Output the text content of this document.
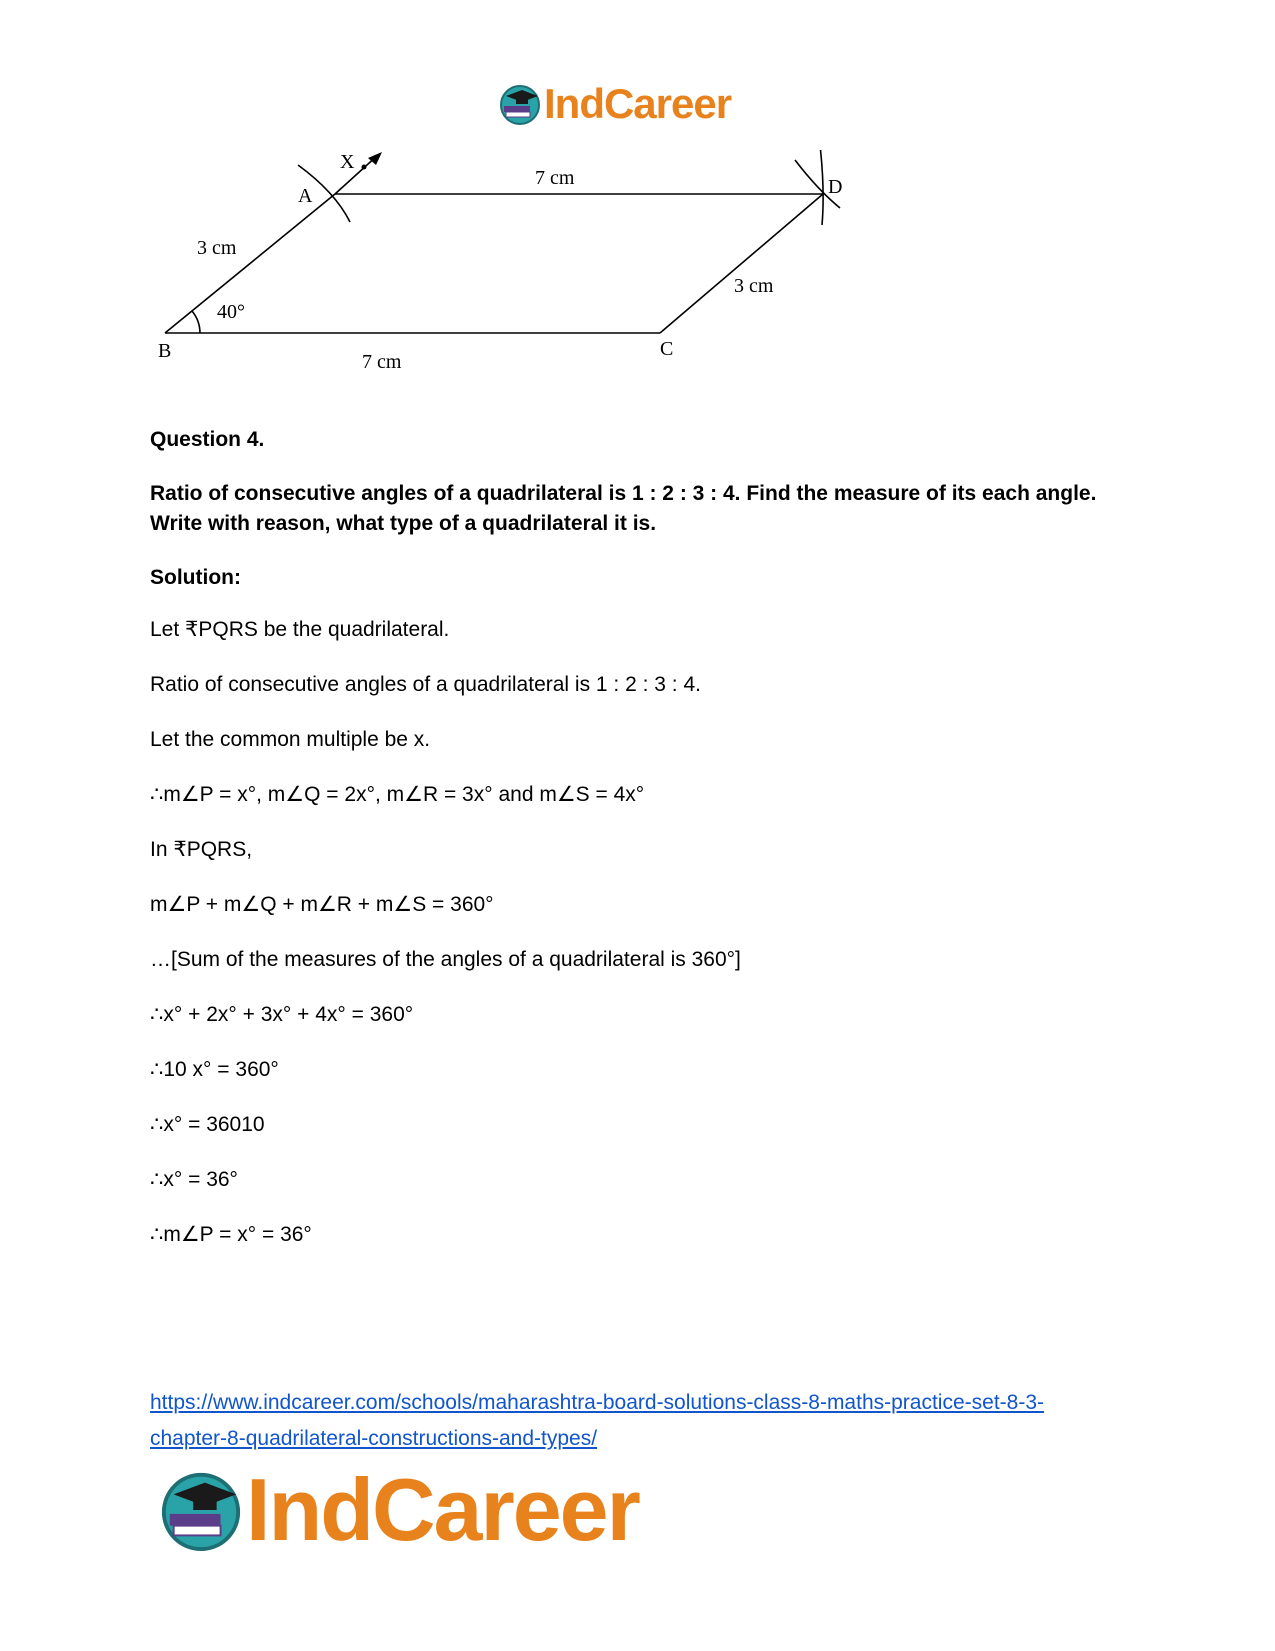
IndCareer
X
A	D
B	C
7 cm
3 cm
3 cm
7 cm
40°
Question 4.
Ratio of consecutive angles of a quadrilateral is 1 : 2 : 3 : 4. Find the measure of its each angle. Write with reason, what type of a quadrilateral it is.
Solution:
Let ₹PQRS be the quadrilateral.
Ratio of consecutive angles of a quadrilateral is 1 : 2 : 3 : 4.
Let the common multiple be x.
∴m∠P = x°, m∠Q = 2x°, m∠R = 3x° and m∠S = 4x°
In ₹PQRS,
m∠P + m∠Q + m∠R + m∠S = 360°
…[Sum of the measures of the angles of a quadrilateral is 360°]
∴x° + 2x° + 3x° + 4x° = 360°
∴10 x° = 360°
∴x° = 36010
∴x° = 36°
∴m∠P = x° = 36°
https://www.indcareer.com/schools/maharashtra-board-solutions-class-8-maths-practice-set-8-3-
chapter-8-quadrilateral-constructions-and-types/
IndCareer
